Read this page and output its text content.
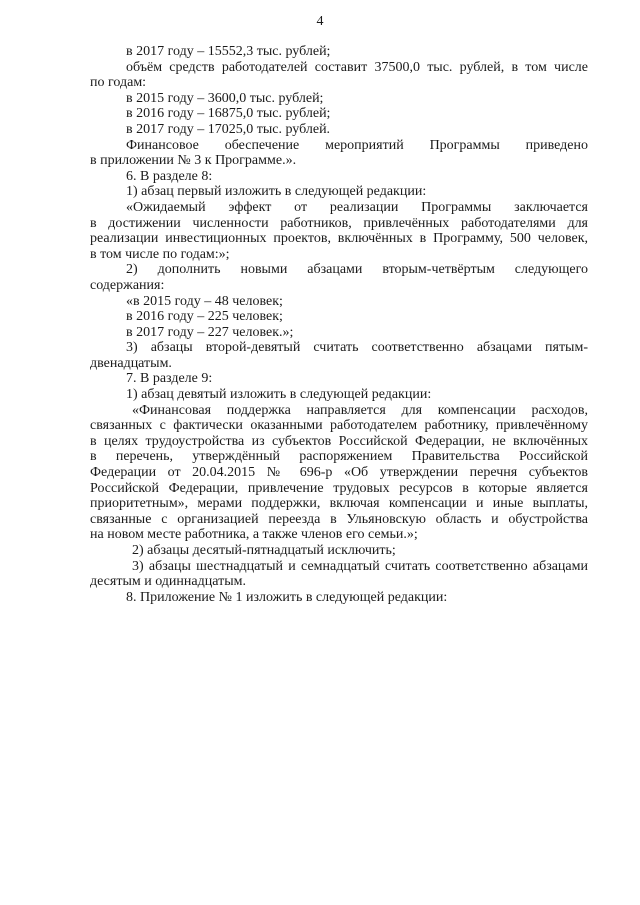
4
в 2017 году – 15552,3 тыс. рублей;
объём средств работодателей составит 37500,0 тыс. рублей, в том числе
по годам:
в 2015 году – 3600,0 тыс. рублей;
в 2016 году – 16875,0 тыс. рублей;
в 2017 году – 17025,0 тыс. рублей.
Финансовое обеспечение мероприятий Программы приведено
в приложении № 3 к Программе.».
6. В разделе 8:
1) абзац первый изложить в следующей редакции:
«Ожидаемый эффект от реализации Программы заключается
в достижении численности работников, привлечённых работодателями для
реализации инвестиционных проектов, включённых в Программу, 500 человек,
в том числе по годам:»;
2) дополнить новыми абзацами вторым-четвёртым следующего
содержания:
«в 2015 году – 48 человек;
в 2016 году – 225 человек;
в 2017 году – 227 человек.»;
3) абзацы второй-девятый считать соответственно абзацами пятым-
двенадцатым.
7. В разделе 9:
1) абзац девятый изложить в следующей редакции:
«Финансовая поддержка направляется для компенсации расходов,
связанных с фактически оказанными работодателем работнику, привлечённому
в целях трудоустройства из субъектов Российской Федерации, не включённых
в перечень, утверждённый распоряжением Правительства Российской
Федерации от 20.04.2015 № 696-р «Об утверждении перечня субъектов
Российской Федерации, привлечение трудовых ресурсов в которые является
приоритетным», мерами поддержки, включая компенсации и иные выплаты,
связанные с организацией переезда в Ульяновскую область и обустройства
на новом месте работника, а также членов его семьи.»;
2) абзацы десятый-пятнадцатый исключить;
3) абзацы шестнадцатый и семнадцатый считать соответственно абзацами
десятым и одиннадцатым.
8. Приложение № 1 изложить в следующей редакции:
